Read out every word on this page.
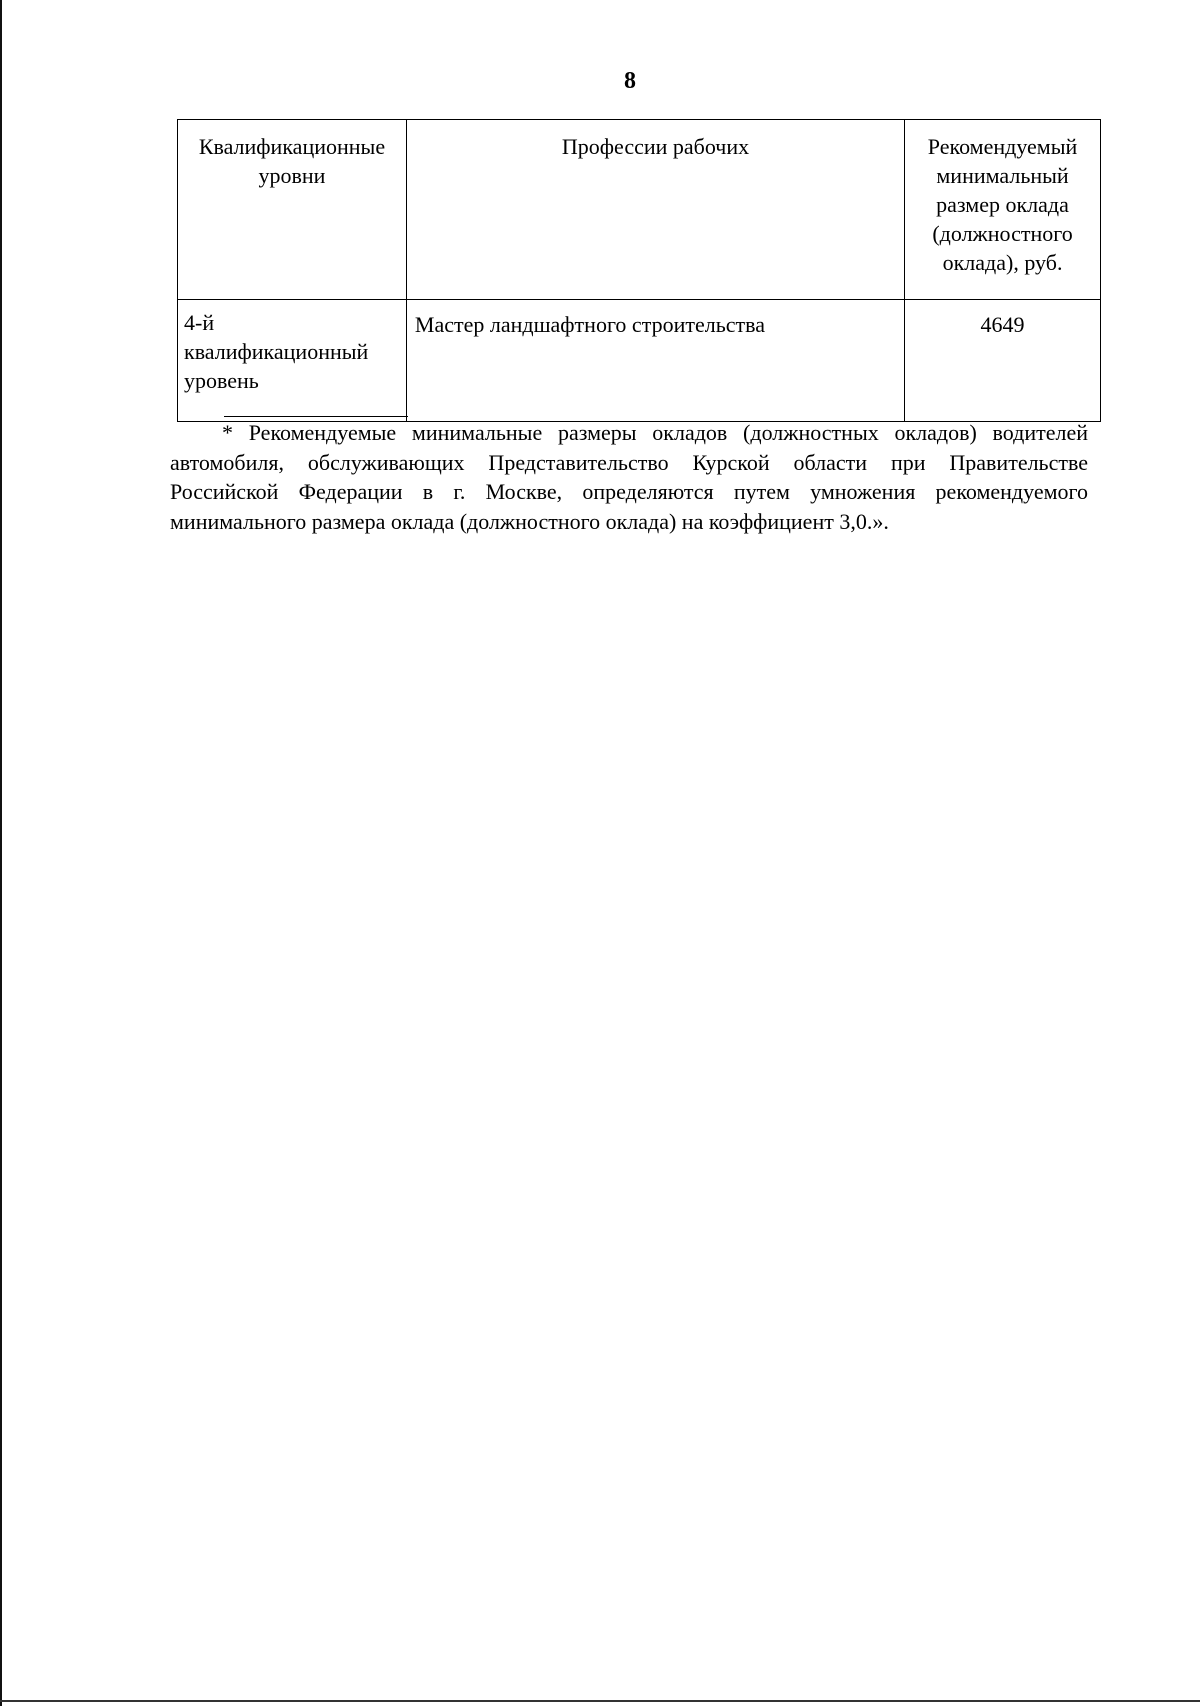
8
Квалификационные уровни	Профессии рабочих	Рекомендуемый минимальный размер оклада (должностного оклада), руб.
4-й квалификационный уровень	Мастер ландшафтного строительства	4649

* Рекомендуемые минимальные размеры окладов (должностных окладов) водителей автомобиля, обслуживающих Представительство Курской области при Правительстве Российской Федерации в г. Москве, определяются путем умножения рекомендуемого минимального размера оклада (должностного оклада) на коэффициент 3,0.».
